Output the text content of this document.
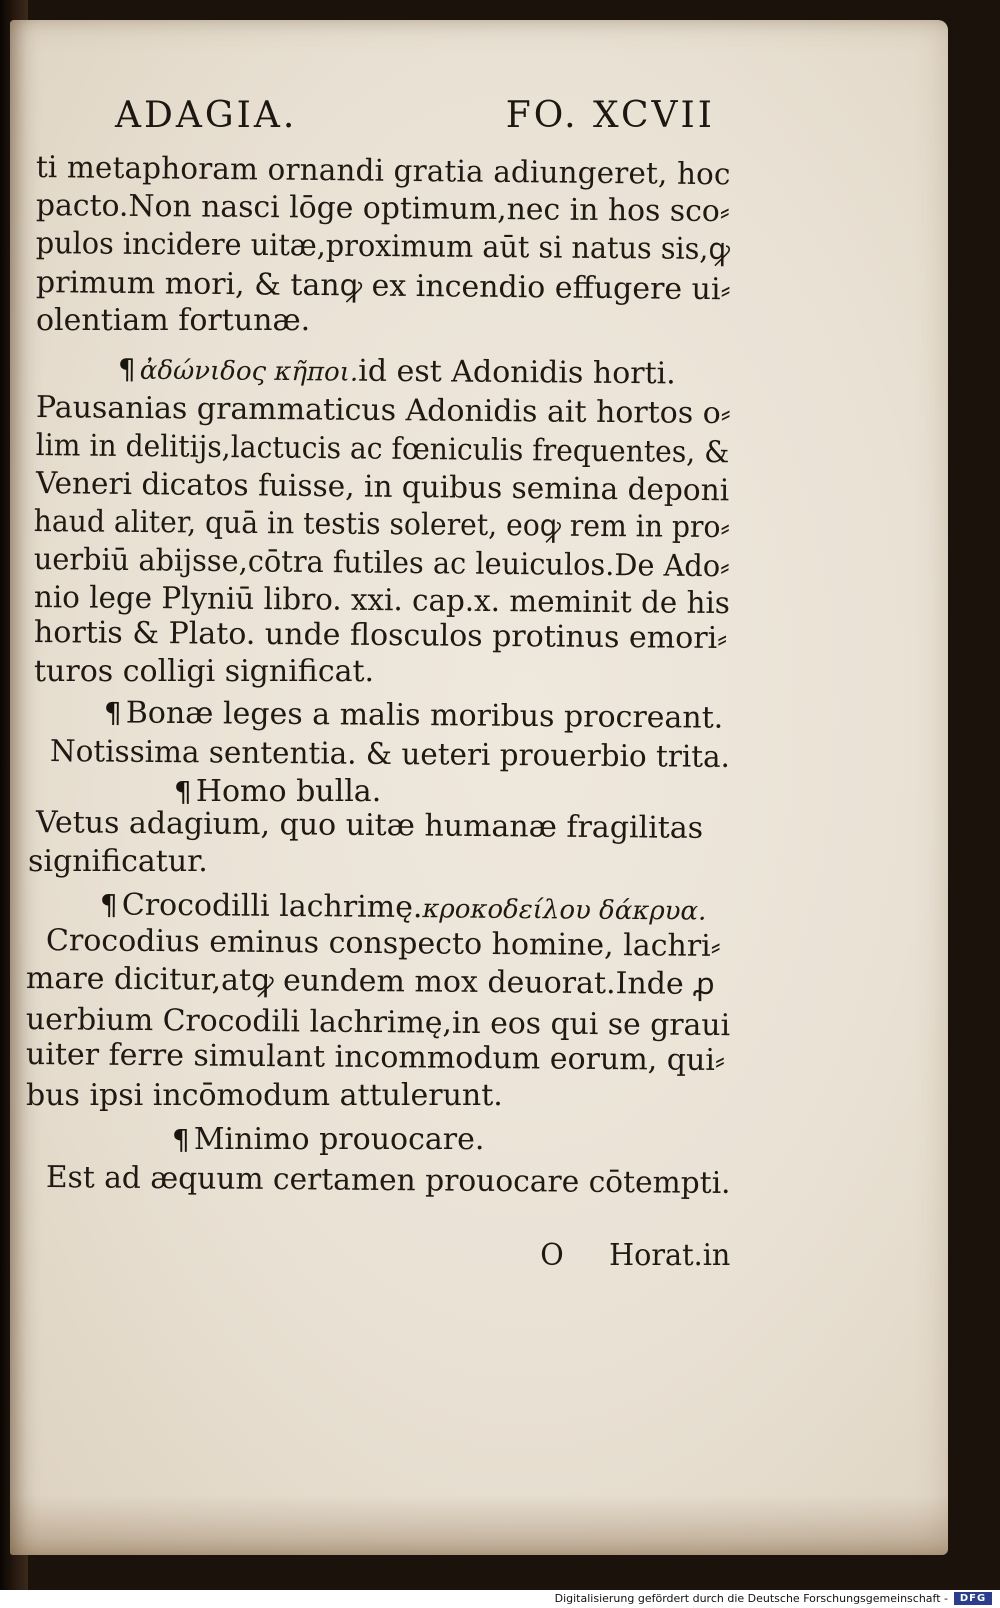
ADAGIA.	FO. XCVII
ti metaphoram ornandi gratia adiungeret, hoc
pacto.Non nasci lōge optimum,nec in hos sco⸗
pulos incidere uitæ,proximum aūt si natus sis,ꝙ
primum mori, & tanꝙ ex incendio effugere ui⸗
olentiam fortunæ.
¶ ἀδώνιδος κῆποι.id est Adonidis horti.
Pausanias grammaticus Adonidis ait hortos o⸗
lim in delitijs,lactucis ac fœniculis frequentes, &
Veneri dicatos fuisse, in quibus semina deponi
haud aliter, quā in testis soleret, eoꝙ rem in pro⸗
uerbiū abijsse,cōtra futiles ac leuiculos.De Ado⸗
nio lege Plyniū libro. xxi. cap.x. meminit de his
hortis & Plato. unde flosculos protinus emori⸗
turos colligi significat.
¶ Bonæ leges a malis moribus procreant.
Notissima sententia. & ueteri prouerbio trita.
¶ Homo bulla.
Vetus adagium, quo uitæ humanæ fragilitas
significatur.
¶ Crocodilli lachrimę.κροκοδείλου δάκρυα.
Crocodius eminus conspecto homine, lachri⸗
mare dicitur,atꝙ eundem mox deuorat.Inde ꝓ
uerbium Crocodili lachrimę,in eos qui se graui
uiter ferre simulant incommodum eorum, qui⸗
bus ipsi incōmodum attulerunt.
¶ Minimo prouocare.
Est ad æquum certamen prouocare cōtempti.

O     Horat.in

Digitalisierung gefördert durch die Deutsche Forschungsgemeinschaft -	DFG
